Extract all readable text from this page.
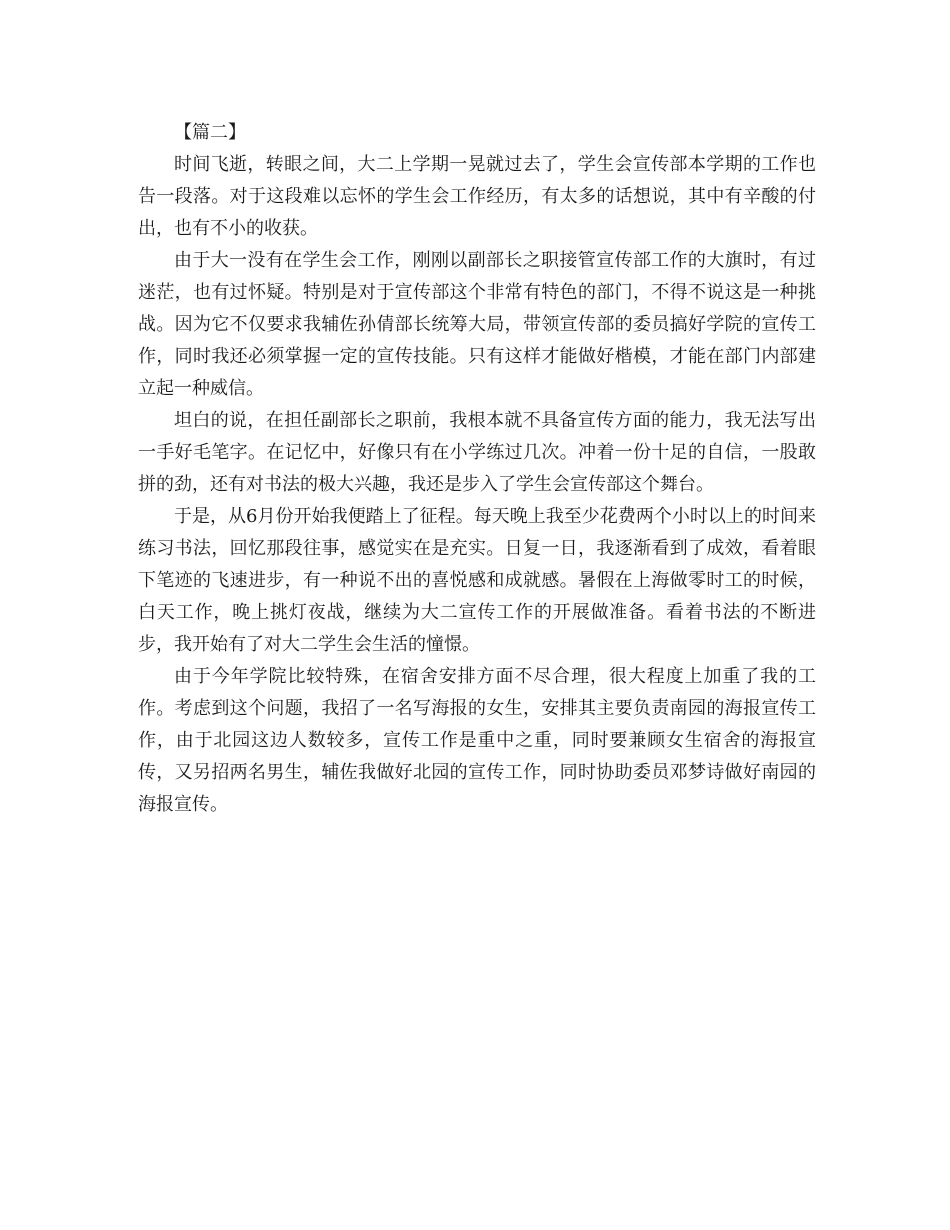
【篇二】

时间飞逝，转眼之间，大二上学期一晃就过去了，学生会宣传部本学期的工作也告一段落。对于这段难以忘怀的学生会工作经历，有太多的话想说，其中有辛酸的付出，也有不小的收获。

由于大一没有在学生会工作，刚刚以副部长之职接管宣传部工作的大旗时，有过迷茫，也有过怀疑。特别是对于宣传部这个非常有特色的部门，不得不说这是一种挑战。因为它不仅要求我辅佐孙倩部长统筹大局，带领宣传部的委员搞好学院的宣传工作，同时我还必须掌握一定的宣传技能。只有这样才能做好楷模，才能在部门内部建立起一种威信。

坦白的说，在担任副部长之职前，我根本就不具备宣传方面的能力，我无法写出一手好毛笔字。在记忆中，好像只有在小学练过几次。冲着一份十足的自信，一股敢拼的劲，还有对书法的极大兴趣，我还是步入了学生会宣传部这个舞台。

于是，从6月份开始我便踏上了征程。每天晚上我至少花费两个小时以上的时间来练习书法，回忆那段往事，感觉实在是充实。日复一日，我逐渐看到了成效，看着眼下笔迹的飞速进步，有一种说不出的喜悦感和成就感。暑假在上海做零时工的时候，白天工作，晚上挑灯夜战，继续为大二宣传工作的开展做准备。看着书法的不断进步，我开始有了对大二学生会生活的憧憬。

由于今年学院比较特殊，在宿舍安排方面不尽合理，很大程度上加重了我的工作。考虑到这个问题，我招了一名写海报的女生，安排其主要负责南园的海报宣传工作，由于北园这边人数较多，宣传工作是重中之重，同时要兼顾女生宿舍的海报宣传，又另招两名男生，辅佐我做好北园的宣传工作，同时协助委员邓梦诗做好南园的海报宣传。
